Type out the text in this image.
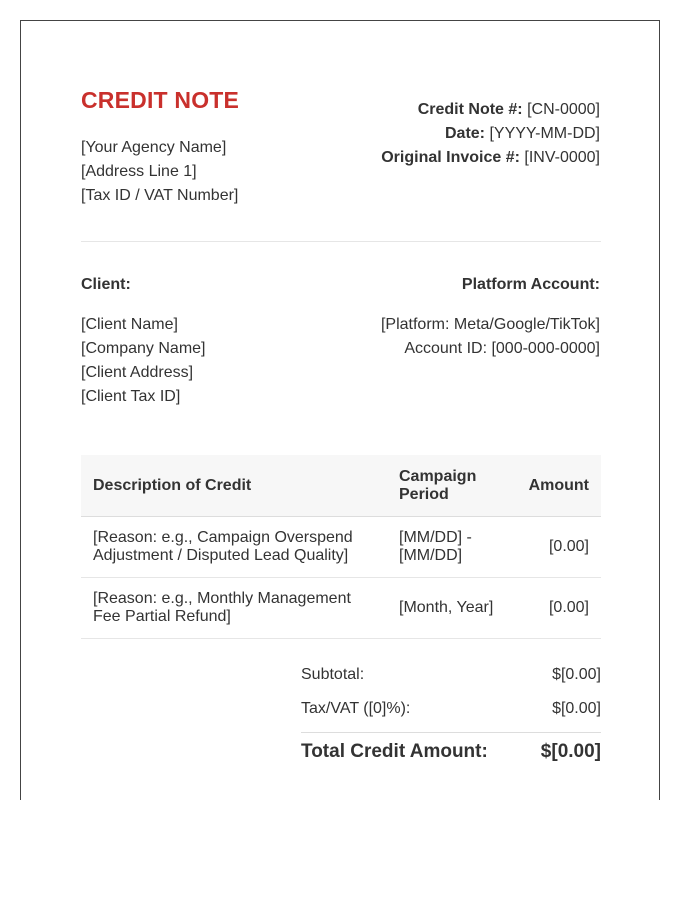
CREDIT NOTE
[Your Agency Name]
[Address Line 1]
[Tax ID / VAT Number]
Credit Note #: [CN-0000]
Date: [YYYY-MM-DD]
Original Invoice #: [INV-0000]
Client:	Platform Account:
[Client Name]
[Company Name]
[Client Address]
[Client Tax ID]
[Platform: Meta/Google/TikTok]
Account ID: [000-000-0000]
Description of Credit	Campaign Period	Amount
[Reason: e.g., Campaign Overspend Adjustment / Disputed Lead Quality]	[MM/DD] - [MM/DD]	[0.00]
[Reason: e.g., Monthly Management Fee Partial Refund]	[Month, Year]	[0.00]
Subtotal:	$[0.00]
Tax/VAT ([0]%):	$[0.00]
Total Credit Amount:	$[0.00]
